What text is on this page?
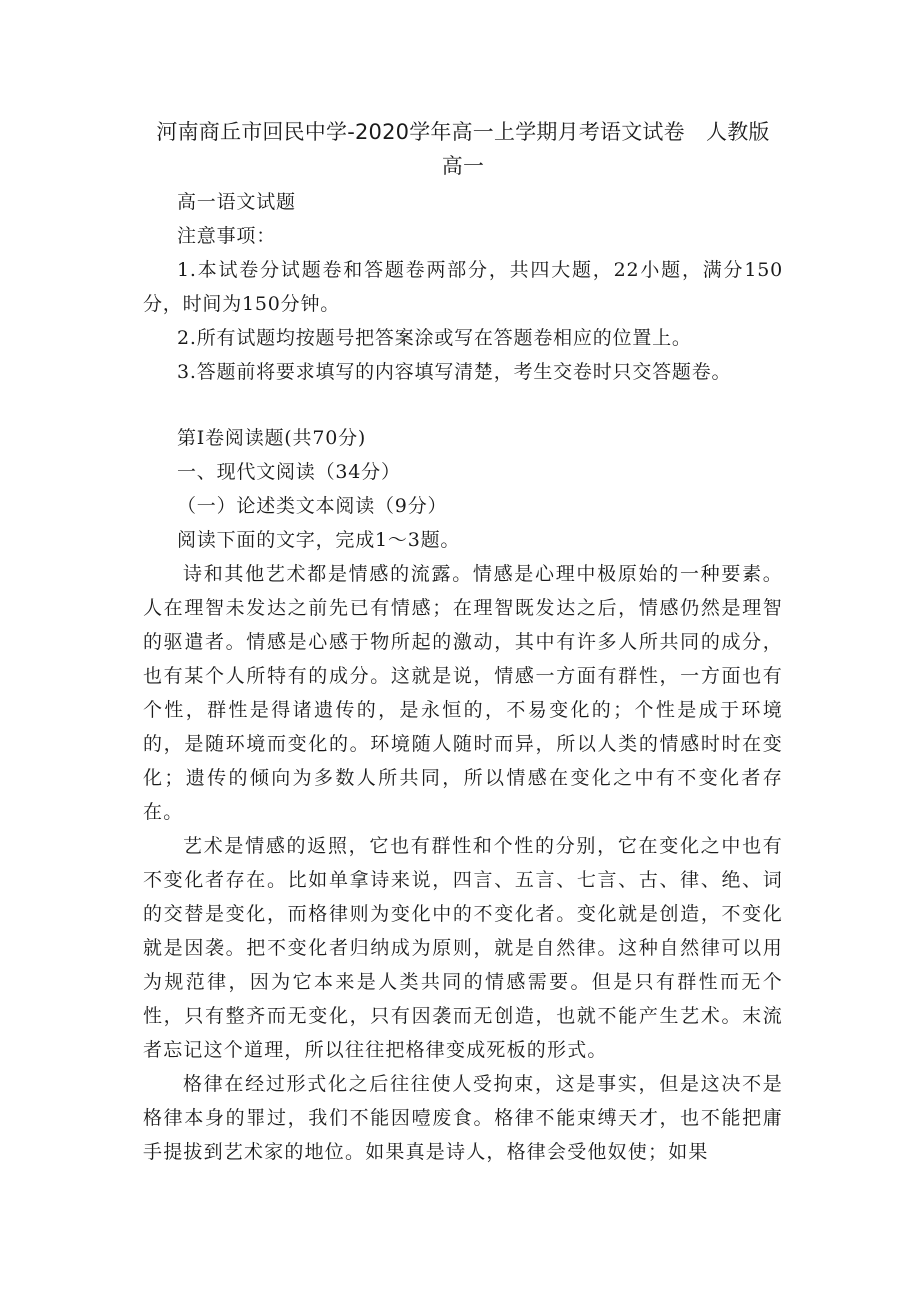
河南商丘市回民中学-2020学年高一上学期月考语文试卷　人教版高一
高一语文试题
注意事项：
1.本试卷分试题卷和答题卷两部分，共四大题，22小题，满分150分，时间为150分钟。
2.所有试题均按题号把答案涂或写在答题卷相应的位置上。
3.答题前将要求填写的内容填写清楚，考生交卷时只交答题卷。
第Ⅰ卷阅读题(共70分)
一、现代文阅读（34分）
（一）论述类文本阅读（9分）
阅读下面的文字，完成1～3题。
诗和其他艺术都是情感的流露。情感是心理中极原始的一种要素。人在理智未发达之前先已有情感；在理智既发达之后，情感仍然是理智的驱遣者。情感是心感于物所起的激动，其中有许多人所共同的成分，也有某个人所特有的成分。这就是说，情感一方面有群性，一方面也有个性，群性是得诸遗传的，是永恒的，不易变化的；个性是成于环境的，是随环境而变化的。环境随人随时而异，所以人类的情感时时在变化；遗传的倾向为多数人所共同，所以情感在变化之中有不变化者存在。
艺术是情感的返照，它也有群性和个性的分别，它在变化之中也有不变化者存在。比如单拿诗来说，四言、五言、七言、古、律、绝、词的交替是变化，而格律则为变化中的不变化者。变化就是创造，不变化就是因袭。把不变化者归纳成为原则，就是自然律。这种自然律可以用为规范律，因为它本来是人类共同的情感需要。但是只有群性而无个性，只有整齐而无变化，只有因袭而无创造，也就不能产生艺术。末流者忘记这个道理，所以往往把格律变成死板的形式。
格律在经过形式化之后往往使人受拘束，这是事实，但是这决不是格律本身的罪过，我们不能因噎废食。格律不能束缚天才，也不能把庸手提拔到艺术家的地位。如果真是诗人，格律会受他奴使；如果
